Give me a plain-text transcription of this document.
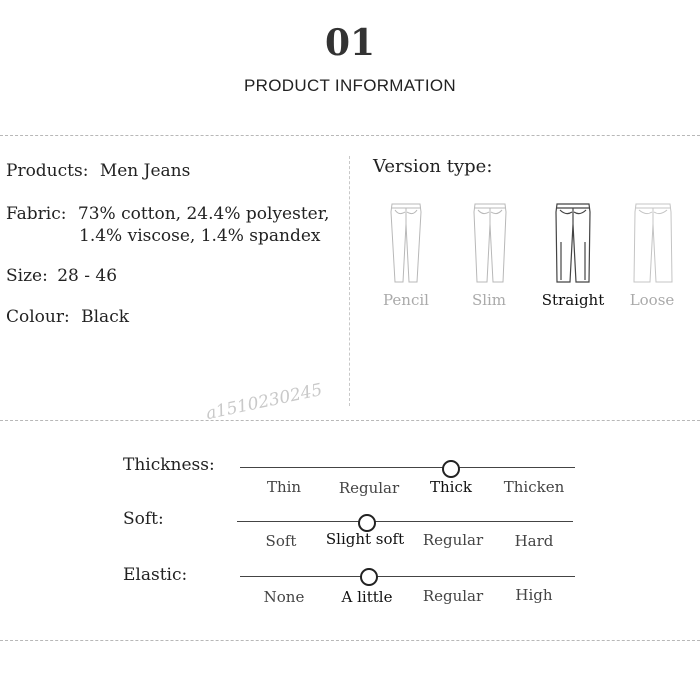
01
PRODUCT INFORMATION
Products: Men Jeans
Fabric: 73% cotton, 24.4% polyester,
1.4% viscose, 1.4% spandex
Size: 28 - 46
Colour: Black
Version type:
Pencil	Slim	Straight	Loose
a1510230245
Thickness:
Thin	Regular	Thick	Thicken
Soft:
Soft	Slight soft	Regular	Hard
Elastic:
None	A little	Regular	High
